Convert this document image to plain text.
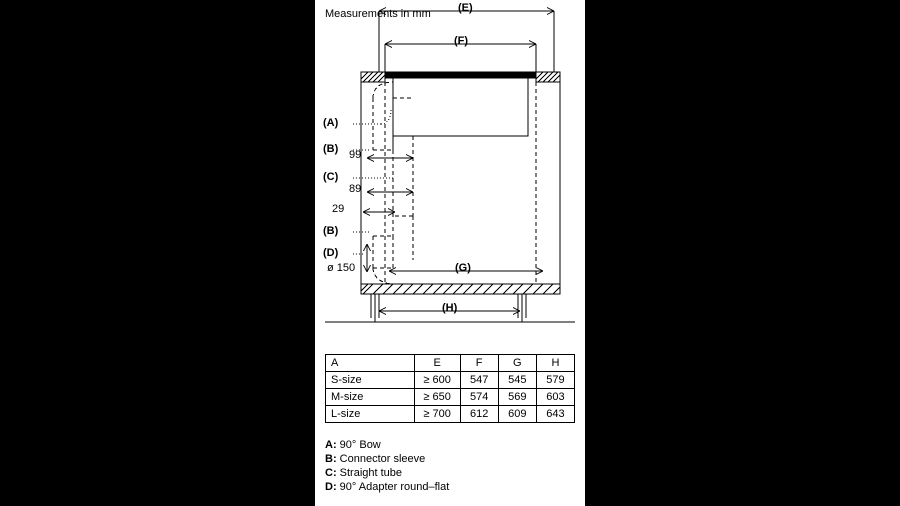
Measurements in mm (E)
(F)
(A)
(B)
(C)
(B)
(D)
(G)
(H)
99
89
29
ø 150
A	E	F	G	H
S-size	≥ 600	547	545	579
M-size	≥ 650	574	569	603
L-size	≥ 700	612	609	643
A: 90° Bow
B: Connector sleeve
C: Straight tube
D: 90° Adapter round–flat
